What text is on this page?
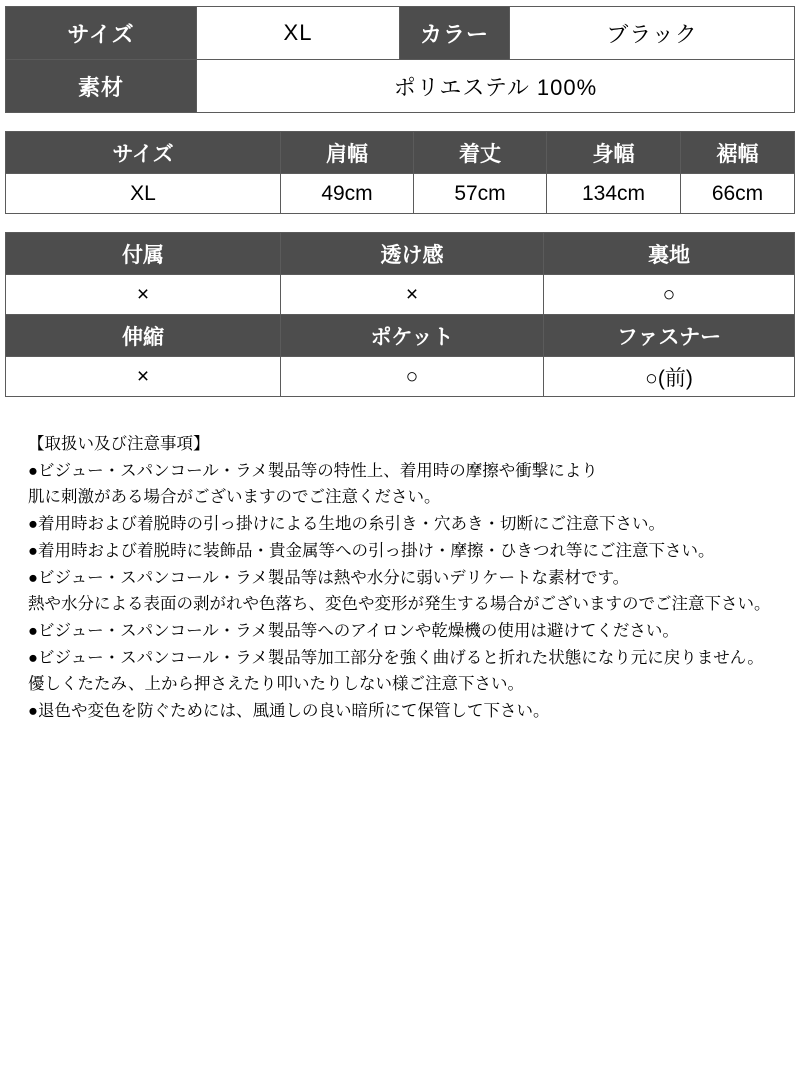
サイズ	XL	カラー	ブラック
素材	ポリエステル 100%		
サイズ	肩幅	着丈	身幅	裾幅
XL	49cm	57cm	134cm	66cm
付属	透け感	裏地
×	×	○
伸縮	ポケット	ファスナー
×	○	○(前)
【取扱い及び注意事項】
●ビジュー・スパンコール・ラメ製品等の特性上、着用時の摩擦や衝撃により
肌に刺激がある場合がございますのでご注意ください。
●着用時および着脱時の引っ掛けによる生地の糸引き・穴あき・切断にご注意下さい。
●着用時および着脱時に装飾品・貴金属等への引っ掛け・摩擦・ひきつれ等にご注意下さい。
●ビジュー・スパンコール・ラメ製品等は熱や水分に弱いデリケートな素材です。
熱や水分による表面の剥がれや色落ち、変色や変形が発生する場合がございますのでご注意下さい。
●ビジュー・スパンコール・ラメ製品等へのアイロンや乾燥機の使用は避けてください。
●ビジュー・スパンコール・ラメ製品等加工部分を強く曲げると折れた状態になり元に戻りません。
優しくたたみ、上から押さえたり叩いたりしない様ご注意下さい。
●退色や変色を防ぐためには、風通しの良い暗所にて保管して下さい。
